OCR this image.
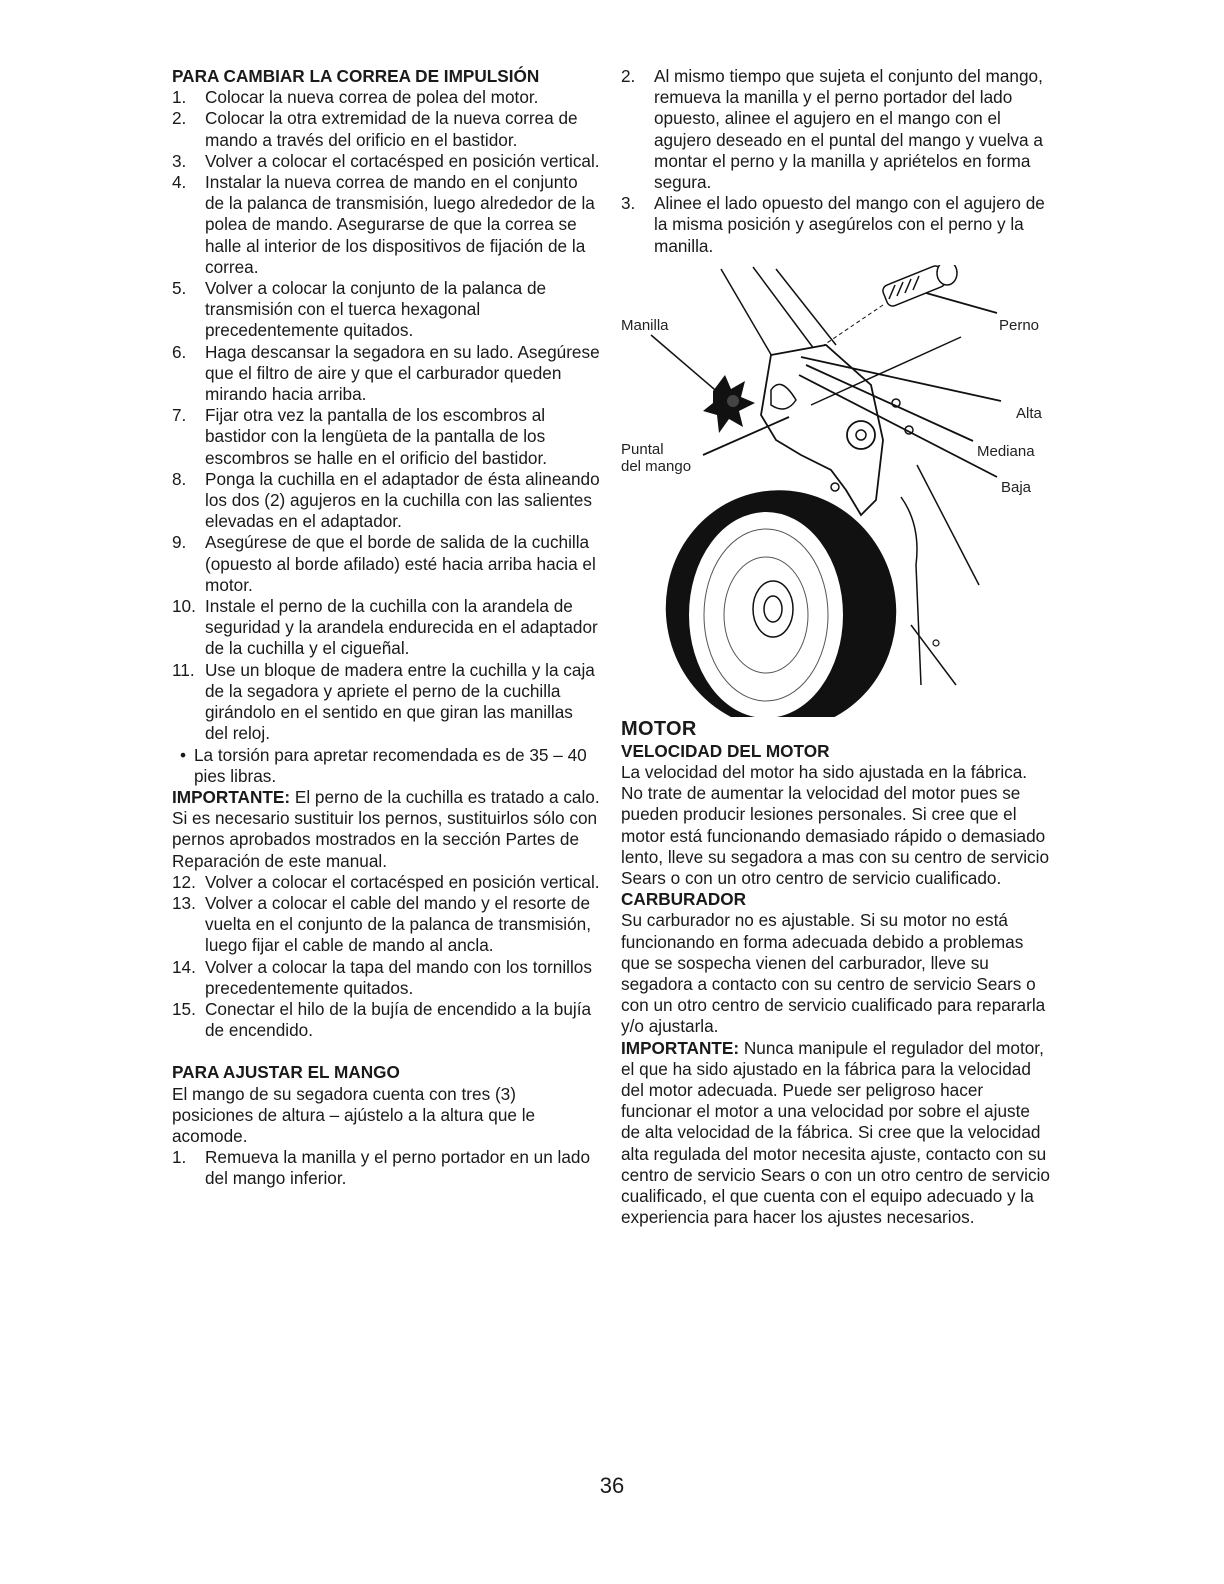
PARA CAMBIAR LA CORREA DE IMPULSIÓN
1.	Colocar la nueva correa de polea del motor.
2.	Colocar la otra extremidad de la nueva correa de mando a través del orificio en el bastidor.
3.	Volver a colocar el cortacésped en posición vertical.
4.	Instalar la nueva correa de mando en el conjunto de la palanca de transmisión, luego alrededor de la polea de mando. Asegurarse de que la correa se halle al interior de los dispositivos de fijación de la correa.
5.	Volver a colocar la conjunto de la palanca de transmisión con el tuerca hexagonal precedentemente quitados.
6.	Haga descansar la segadora en su lado. Asegúrese que el filtro de aire y que el carburador queden mirando hacia arriba.
7.	Fijar otra vez la pantalla de los escombros al bastidor con la lengüeta de la pantalla de los escombros se halle en el orificio del bastidor.
8.	Ponga la cuchilla en el adaptador de ésta alineando los dos (2) agujeros en la cuchilla con las salientes elevadas en el adaptador.
9.	Asegúrese de que el borde de salida de la cuchilla (opuesto al borde afilado) esté hacia arriba hacia el motor.
10. Instale el perno de la cuchilla con la arandela de seguridad y la arandela endurecida en el adaptador de la cuchilla y el cigueñal.
11. Use un bloque de madera entre la cuchilla y la caja de la segadora y apriete el perno de la cuchilla girándolo en el sentido en que giran las manillas del reloj.
• La torsión para apretar recomendada es de 35 – 40 pies libras.

IMPORTANTE: El perno de la cuchilla es tratado a calo. Si es necesario sustituir los pernos, sustituirlos sólo con pernos aprobados mostrados en la sección Partes de Reparación de este manual.

12. Volver a colocar el cortacésped en posición vertical.
13. Volver a colocar el cable del mando y el resorte de vuelta en el conjunto de la palanca de transmisión, luego fijar el cable de mando al ancla.
14. Volver a colocar la tapa del mando con los tornillos precedentemente quitados.
15. Conectar el hilo de la bujía de encendido a la bujía de encendido.
PARA AJUSTAR EL MANGO

El mango de su segadora cuenta con tres (3) posiciones de altura – ajústelo a la altura que le acomode.

1.	Remueva la manilla y el perno portador en un lado del mango inferior.
2.	Al mismo tiempo que sujeta el conjunto del mango, remueva la manilla y el perno portador del lado opuesto, alinee el agujero en el mango con el agujero deseado en el puntal del mango y vuelva a montar el perno y la manilla y apriételos en forma segura.
3.	Alinee el lado opuesto del mango con el agujero de la misma posición y asegúrelos con el perno y la manilla.
Manilla	Perno
Alta
Mediana
Puntal
del mango
Baja
MOTOR
VELOCIDAD DEL MOTOR

La velocidad del motor ha sido ajustada en la fábrica. No trate de aumentar la velocidad del motor pues se pueden producir lesiones personales. Si cree que el motor está funcionando demasiado rápido o demasiado lento, lleve su segadora a mas con su centro de servicio Sears o con un otro centro de servicio cualificado.

CARBURADOR

Su carburador no es ajustable. Si su motor no está funcionando en forma adecuada debido a problemas que se sospecha vienen del carburador, lleve su segadora a contacto con su centro de servicio Sears o con un otro centro de servicio cualificado para repararla y/o ajustarla.

IMPORTANTE: Nunca manipule el regulador del motor, el que ha sido ajustado en la fábrica para la velocidad del motor adecuada. Puede ser peligroso hacer funcionar el motor a una velocidad por sobre el ajuste de alta velocidad de la fábrica. Si cree que la velocidad alta regulada del motor necesita ajuste, contacto con su centro de servicio Sears o con un otro centro de servicio cualificado, el que cuenta con el equipo adecuado y la experiencia para hacer los ajustes necesarios.

36
